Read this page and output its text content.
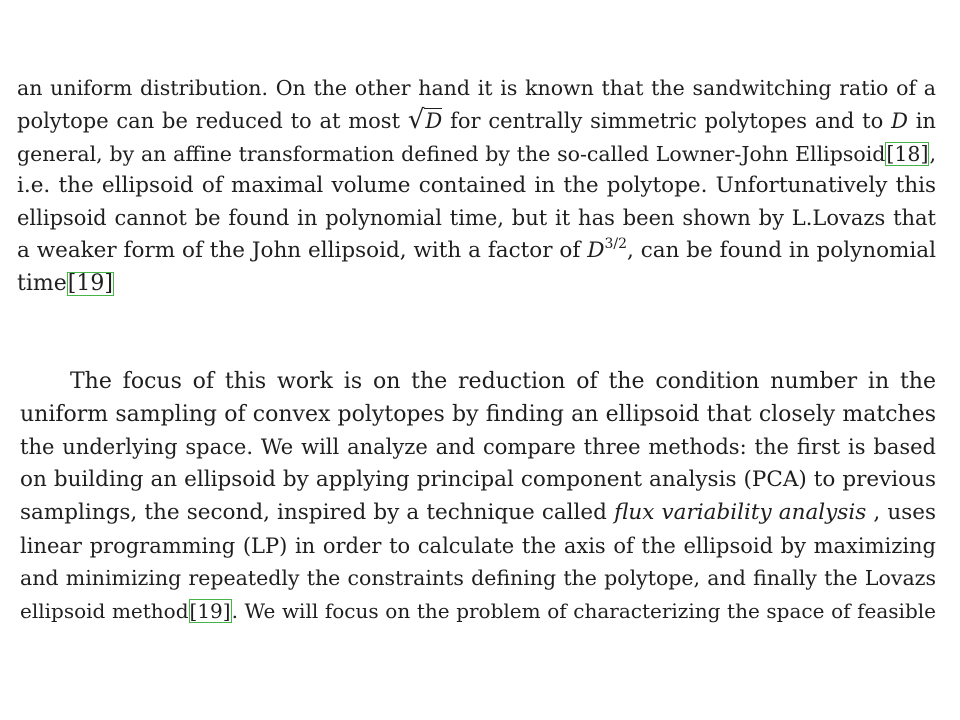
an uniform distribution. On the other hand it is known that the sandwitching ratio of a
polytope can be reduced to at most √D for centrally simmetric polytopes and to D in
general, by an affine transformation defined by the so-called Lowner-John Ellipsoid[18],
i.e. the ellipsoid of maximal volume contained in the polytope. Unfortunatively this
ellipsoid cannot be found in polynomial time, but it has been shown by L.Lovazs that
a weaker form of the John ellipsoid, with a factor of $D^{3/2}$, can be found in polynomial
time[19]
The focus of this work is on the reduction of the condition number in the
uniform sampling of convex polytopes by finding an ellipsoid that closely matches
the underlying space. We will analyze and compare three methods: the first is based
on building an ellipsoid by applying principal component analysis (PCA) to previous
samplings, the second, inspired by a technique called flux variability analysis , uses
linear programming (LP) in order to calculate the axis of the ellipsoid by maximizing
and minimizing repeatedly the constraints defining the polytope, and finally the Lovazs
ellipsoid method[19]. We will focus on the problem of characterizing the space of feasible
